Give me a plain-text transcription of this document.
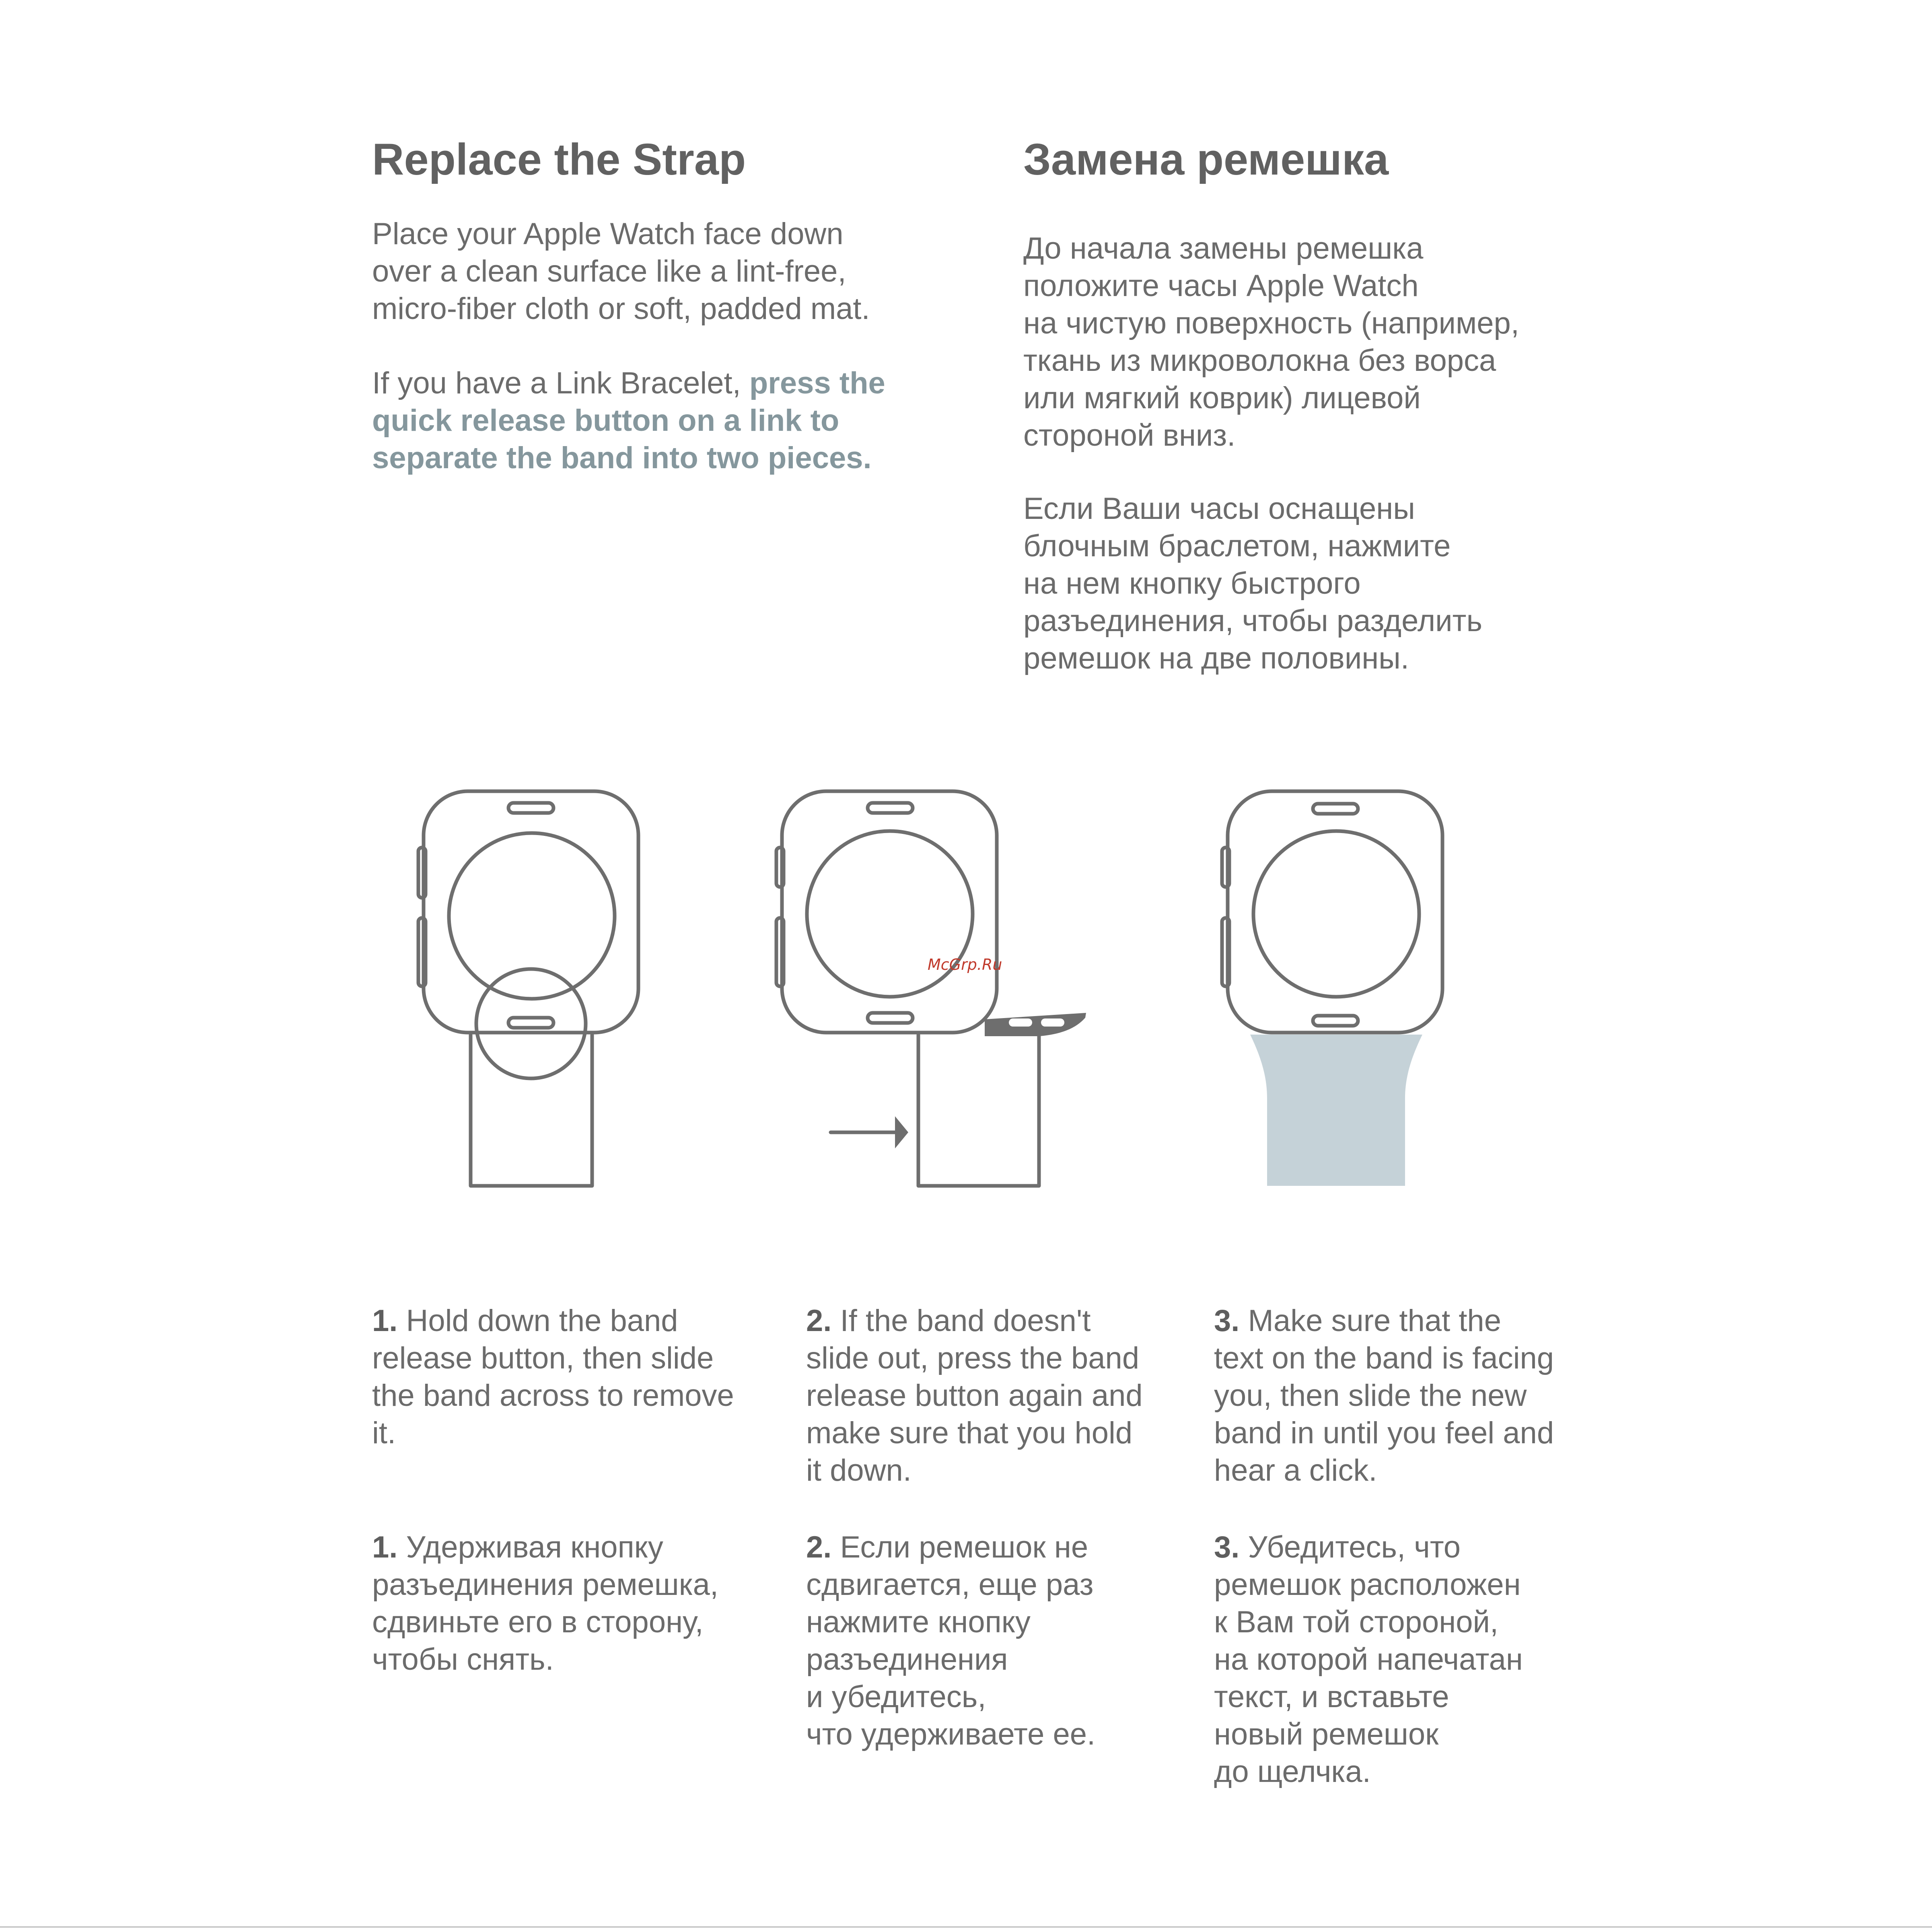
Replace the Strap

Place your Apple Watch face down
over a clean surface like a lint-free,
micro-fiber cloth or soft, padded mat.

If you have a Link Bracelet, press the
quick release button on a link to
separate the band into two pieces.

Замена ремешка

До начала замены ремешка
положите часы Apple Watch
на чистую поверхность (например,
ткань из микроволокна без ворса
или мягкий коврик) лицевой
стороной вниз.

Если Ваши часы оснащены
блочным браслетом, нажмите
на нем кнопку быстрого
разъединения, чтобы разделить
ремешок на две половины.

McGrp.Ru

1. Hold down the band
release button, then slide
the band across to remove
it.

1. Удерживая кнопку
разъединения ремешка,
сдвиньте его в сторону,
чтобы снять.

2. If the band doesn't
slide out, press the band
release button again and
make sure that you hold
it down.

2. Если ремешок не
сдвигается, еще раз
нажмите кнопку
разъединения
и убедитесь,
что удерживаете ее.

3. Make sure that the
text on the band is facing
you, then slide the new
band in until you feel and
hear a click.

3. Убедитесь, что
ремешок расположен
к Вам той стороной,
на которой напечатан
текст, и вставьте
новый ремешок
до щелчка.
